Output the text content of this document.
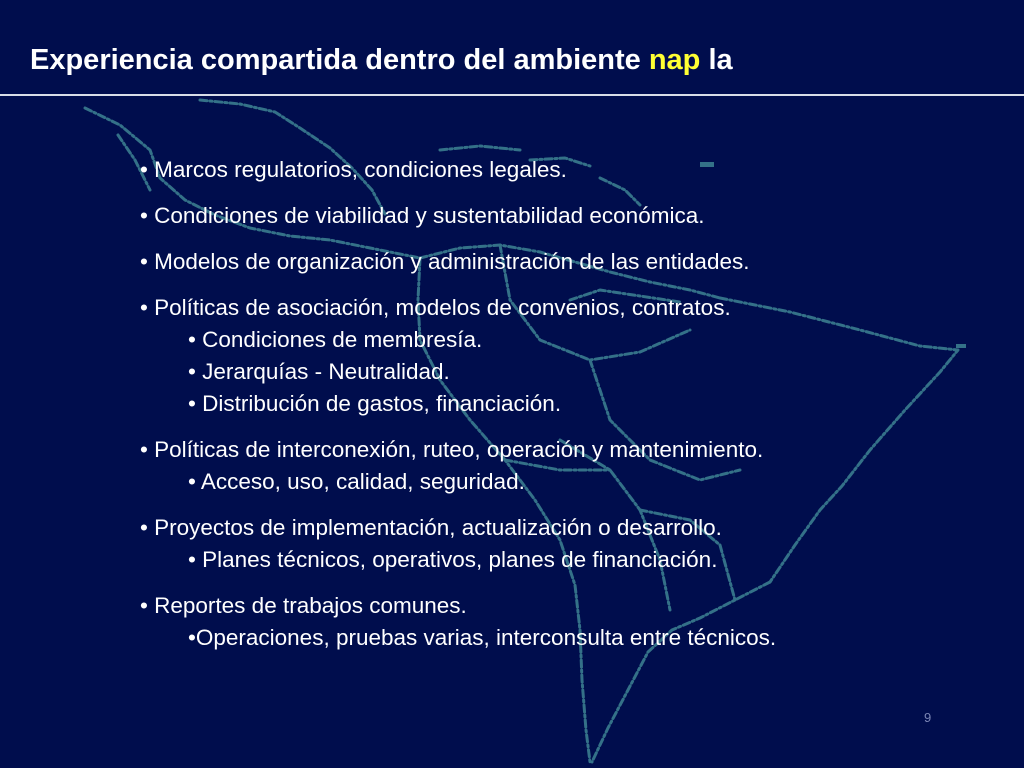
Experiencia compartida dentro del ambiente nap la
• Marcos regulatorios, condiciones legales.
• Condiciones de viabilidad y sustentabilidad económica.
• Modelos de organización y administración de las entidades.
• Políticas de asociación, modelos de convenios, contratos.
• Condiciones de membresía.
• Jerarquías - Neutralidad.
• Distribución de gastos, financiación.
• Políticas de interconexión, ruteo, operación y mantenimiento.
• Acceso, uso, calidad, seguridad.
• Proyectos de implementación, actualización o desarrollo.
• Planes técnicos, operativos, planes de financiación.
• Reportes de trabajos comunes.
•Operaciones, pruebas varias, interconsulta entre técnicos.
9
